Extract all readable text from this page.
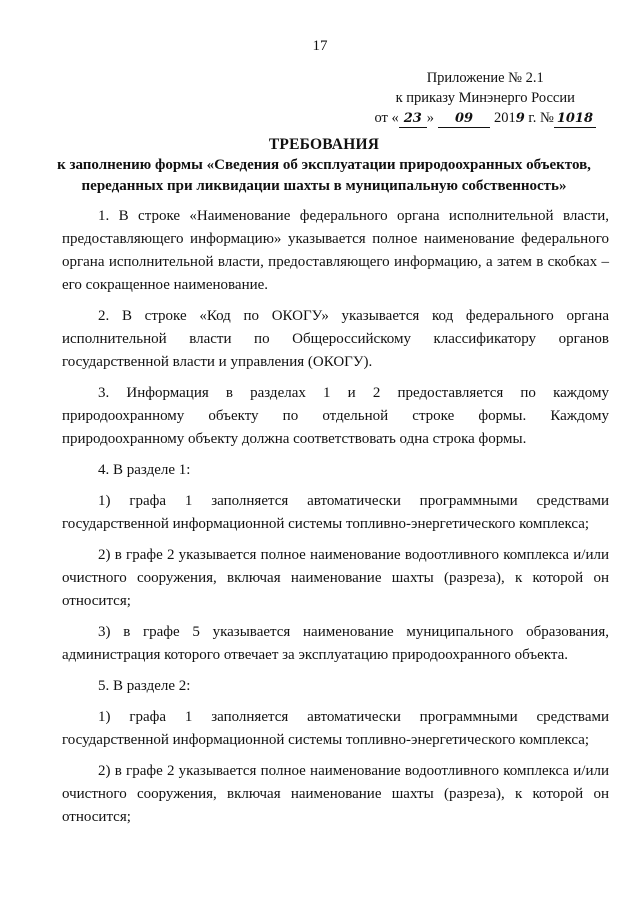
17
Приложение № 2.1
к приказу Минэнерго России
от « 23 » 09 2019 г. № 1018
ТРЕБОВАНИЯ
к заполнению формы «Сведения об эксплуатации природоохранных объектов,
переданных при ликвидации шахты в муниципальную собственность»

1. В строке «Наименование федерального органа исполнительной власти, предоставляющего информацию» указывается полное наименование федерального органа исполнительной власти, предоставляющего информацию, а затем в скобках – его сокращенное наименование.

2. В строке «Код по ОКОГУ» указывается код федерального органа исполнительной власти по Общероссийскому классификатору органов государственной власти и управления (ОКОГУ).

3. Информация в разделах 1 и 2 предоставляется по каждому природоохранному объекту по отдельной строке формы. Каждому природоохранному объекту должна соответствовать одна строка формы.

4. В разделе 1:

1) графа 1 заполняется автоматически программными средствами государственной информационной системы топливно-энергетического комплекса;

2) в графе 2 указывается полное наименование водоотливного комплекса и/или очистного сооружения, включая наименование шахты (разреза), к которой он относится;

3) в графе 5 указывается наименование муниципального образования, администрация которого отвечает за эксплуатацию природоохранного объекта.

5. В разделе 2:

1) графа 1 заполняется автоматически программными средствами государственной информационной системы топливно-энергетического комплекса;

2) в графе 2 указывается полное наименование водоотливного комплекса и/или очистного сооружения, включая наименование шахты (разреза), к которой он относится;
